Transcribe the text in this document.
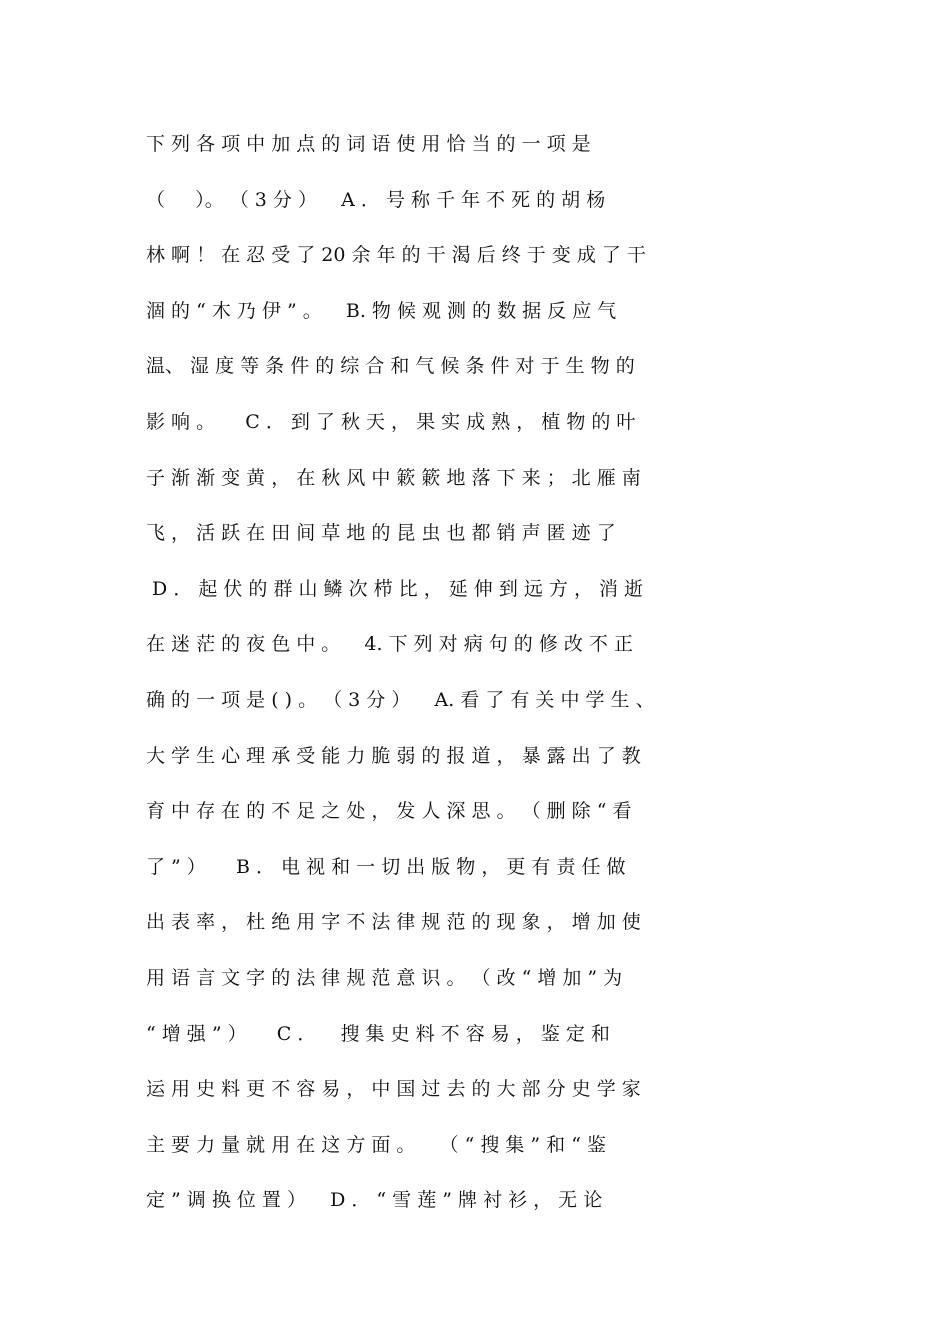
下 列 各 项 中 加 点 的 词 语 使 用 恰 当 的 一 项 是
（     ）。 （ 3 分 ）    A ． 号 称 千 年 不 死 的 胡 杨
林 啊 ！ 在 忍 受 了 20 余 年 的 干 渴 后 终 于 变 成 了 干
涸 的 “ 木 乃 伊 ” 。    B. 物 候 观 测 的 数 据 反 应 气
温、 湿 度 等 条 件 的 综 合 和 气 候 条 件 对 于 生 物 的
影 响 。     C ． 到 了 秋 天 ， 果 实 成 熟 ， 植 物 的 叶
子 渐 渐 变 黄 ， 在 秋 风 中 簌 簌 地 落 下 来 ； 北 雁 南
飞 ， 活 跃 在 田 间 草 地 的 昆 虫 也 都 销 声 匿 迹 了
D ． 起 伏 的 群 山 鳞 次 栉 比 ， 延 伸 到 远 方 ， 消 逝
在 迷 茫 的 夜 色 中 。    4. 下 列 对 病 句 的 修 改 不 正
确 的 一 项 是 ( ) 。 （ 3 分 ）    A. 看 了 有 关 中 学 生 、
大 学 生 心 理 承 受 能 力 脆 弱 的 报 道 ， 暴 露 出 了 教
育 中 存 在 的 不 足 之 处 ， 发 人 深 思 。 （ 删 除 “ 看
了 ” ）     B ． 电 视 和 一 切 出 版 物 ， 更 有 责 任 做
出 表 率 ， 杜 绝 用 字 不 法 律 规 范 的 现 象 ， 增 加 使
用 语 言 文 字 的 法 律 规 范 意 识 。 （ 改 “ 增 加 ” 为
“ 增 强 ” ）     C ．    搜 集 史 料 不 容 易 ， 鉴 定 和
运 用 史 料 更 不 容 易 ， 中 国 过 去 的 大 部 分 史 学 家
主 要 力 量 就 用 在 这 方 面 。    （ “ 搜 集 ” 和 “ 鉴
定 ” 调 换 位 置 ）    D ． “ 雪 莲 ” 牌 衬 衫 ， 无 论
